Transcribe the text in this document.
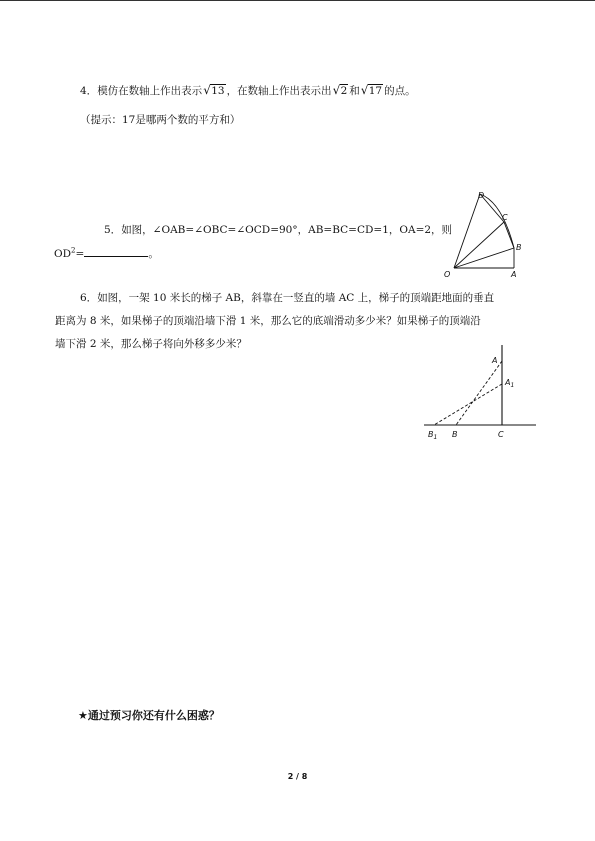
4．模仿在数轴上作出表示 √ 13 ，在数轴上作出表示出 √ 2 和 √ 17 的点。
（提示：17是哪两个数的平方和）
5．如图，∠OAB=∠OBC=∠OCD=90°，AB=BC=CD=1，OA=2，则
$OD^2=$	。
O	A
B
C
D
6．如图，一架 10 米长的梯子 AB，斜靠在一竖直的墙 AC 上，梯子的顶端距地面的垂直
距离为 8 米，如果梯子的顶端沿墙下滑 1 米，那么它的底端滑动多少米？如果梯子的顶端沿
墙下滑 2 米，那么梯子将向外移多少米？
A
$A_1$
$B_1$ B	C
★通过预习你还有什么困惑？
2 / 8
